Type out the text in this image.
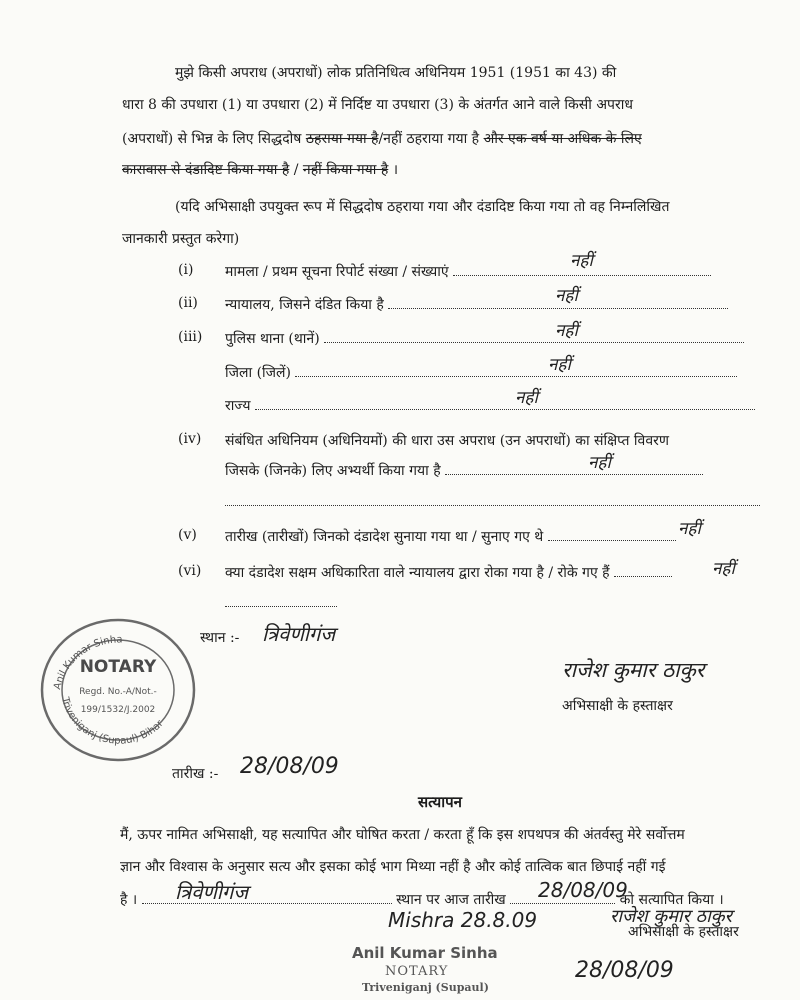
मुझे किसी अपराध (अपराधों) लोक प्रतिनिधित्व अधिनियम 1951 (1951 का 43) की
धारा 8 की उपधारा (1) या उपधारा (2) में निर्दिष्ट या उपधारा (3) के अंतर्गत आने वाले किसी अपराध
(अपराधों) से भिन्न के लिए सिद्धदोष ठहराया गया है/नहीं ठहराया गया है और एक वर्ष या अधिक के लिए
कारावास से दंडादिष्ट किया गया है / नहीं किया गया है ।
(यदि अभिसाक्षी उपयुक्त रूप में सिद्धदोष ठहराया गया और दंडादिष्ट किया गया तो वह निम्नलिखित
जानकारी प्रस्तुत करेगा)
(i) मामला / प्रथम सूचना रिपोर्ट संख्या / संख्याएं
नहीं
(ii) न्यायालय, जिसने दंडित किया है	नहीं
(iii) पुलिस थाना (थानें)	नहीं
जिला (जिलें)	नहीं
राज्य	नहीं
(iv) संबंधित अधिनियम (अधिनियमों) की धारा उस अपराध (उन अपराधों) का संक्षिप्त विवरण
जिसके (जिनके) लिए अभ्यर्थी किया गया है	नहीं
(v) तारीख (तारीखों) जिनको दंडादेश सुनाया गया था / सुनाए गए थे	नहीं
(vi) क्या दंडादेश सक्षम अधिकारिता वाले न्यायालय द्वारा रोका गया है / रोके गए हैं	नहीं
स्थान :- त्रिवेणीगंज
राजेश कुमार ठाकुर
अभिसाक्षी के हस्ताक्षर
Anil Kumar Sinha
Triveniganj (Supaul) Bihar
NOTARY
Regd. No.-A/Not.-
199/1532/J.2002
तारीख :- 28/08/09
सत्यापन
मैं, ऊपर नामित अभिसाक्षी, यह सत्यापित और घोषित करता / करता हूँ कि इस शपथपत्र की अंतर्वस्तु मेरे सर्वोत्तम
ज्ञान और विश्वास के अनुसार सत्य और इसका कोई भाग मिथ्या नहीं है और कोई तात्विक बात छिपाई नहीं गई
है ।	स्थान पर आज तारीख	को सत्यापित किया ।
त्रिवेणीगंज	28/08/09
Mishra 28.8.09
Anil Kumar Sinha
NOTARY
Triveniganj (Supaul)
राजेश कुमार ठाकुर
अभिसाक्षी के हस्ताक्षर
28/08/09
